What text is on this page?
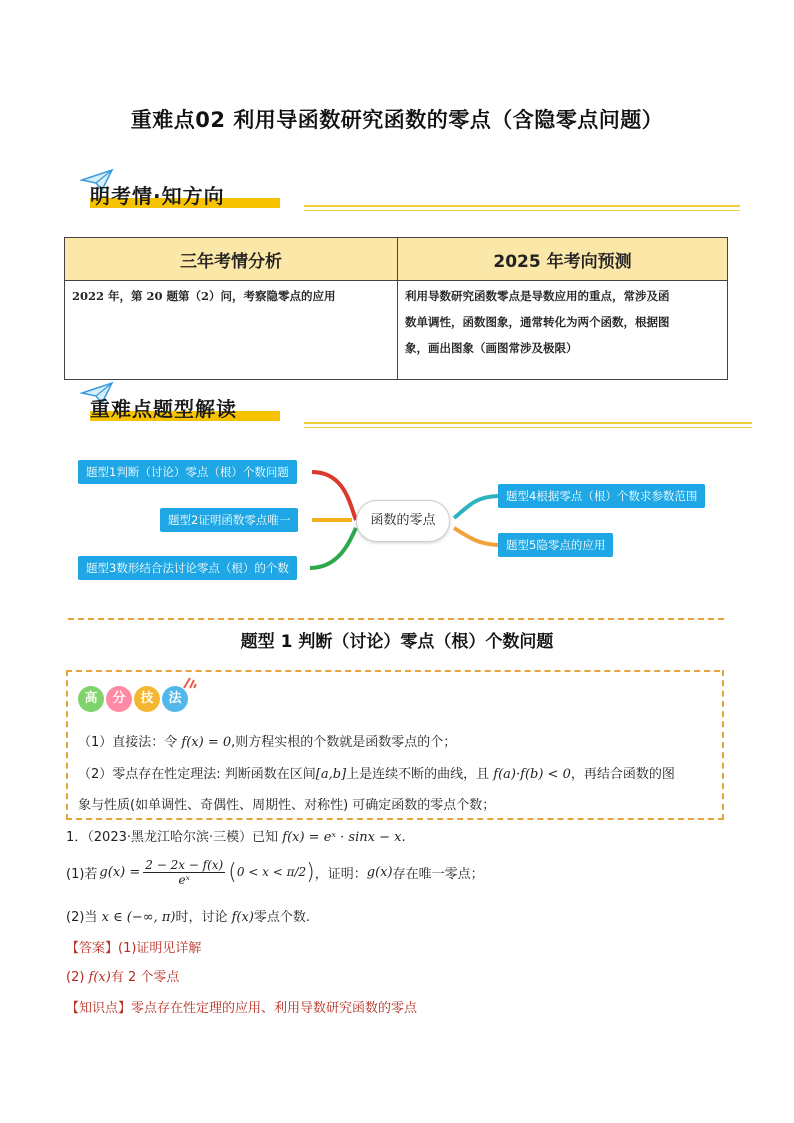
重难点02 利用导函数研究函数的零点（含隐零点问题）
明考情·知方向
三年考情分析	2025 年考向预测
2022 年，第 20 题第（2）问，考察隐零点的应用	利用导数研究函数零点是导数应用的重点，常涉及函
数单调性，函数图象，通常转化为两个函数，根据图
象，画出图象（画图常涉及极限）
重难点题型解读
题型1判断（讨论）零点（根）个数问题
题型2证明函数零点唯一
题型3数形结合法讨论零点（根）的个数
函数的零点
题型4根据零点（根）个数求参数范围
题型5隐零点的应用
题型 1 判断（讨论）零点（根）个数问题
高	分	技	法
（1）直接法：令 f(x) = 0,则方程实根的个数就是函数零点的个；
（2）零点存在性定理法: 判断函数在区间[a,b]上是连续不断的曲线，且 f(a)·f(b) < 0，再结合函数的图
象与性质(如单调性、奇偶性、周期性、对称性) 可确定函数的零点个数；
1．（2023·黑龙江哈尔滨·三模）已知 f(x) = eˣ · sinx − x.
(1)若 $g(x) = \frac{2 - 2x - f(x)}{\text{eˣ}}$ ( 0 < x < π/2 ) ，证明： g(x) 存在唯一零点；
(2)当 x ∈ (−∞, π)时，讨论 f(x)零点个数.
【答案】(1)证明见详解
(2) f(x)有 2 个零点
【知识点】零点存在性定理的应用、利用导数研究函数的零点
